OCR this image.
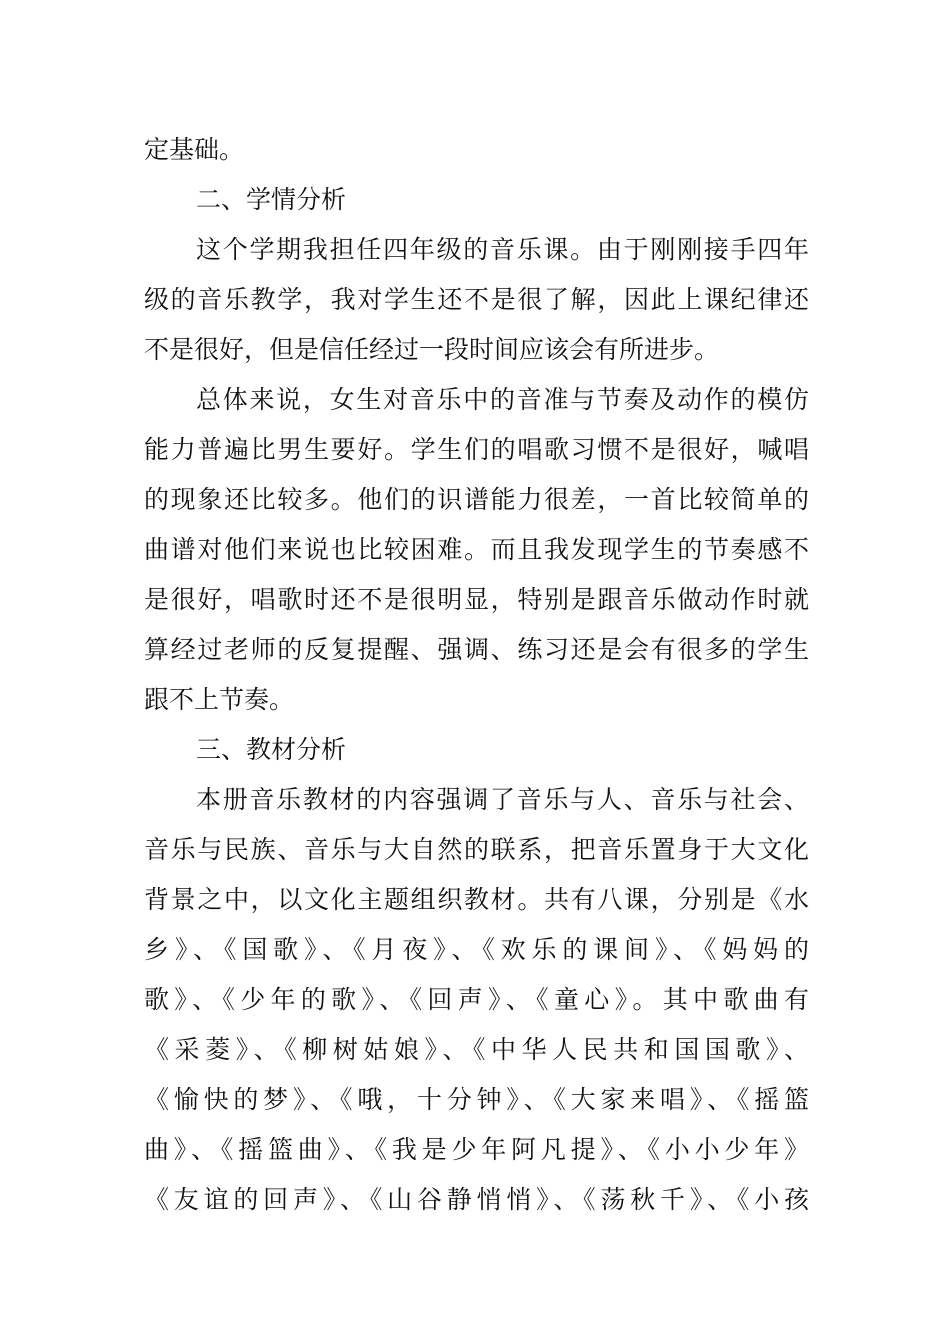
定基础。
二、学情分析
这个学期我担任四年级的音乐课。由于刚刚接手四年
级的音乐教学，我对学生还不是很了解，因此上课纪律还
不是很好，但是信任经过一段时间应该会有所进步。
总体来说，女生对音乐中的音准与节奏及动作的模仿
能力普遍比男生要好。学生们的唱歌习惯不是很好，喊唱
的现象还比较多。他们的识谱能力很差，一首比较简单的
曲谱对他们来说也比较困难。而且我发现学生的节奏感不
是很好，唱歌时还不是很明显，特别是跟音乐做动作时就
算经过老师的反复提醒、强调、练习还是会有很多的学生
跟不上节奏。
三、教材分析
本册音乐教材的内容强调了音乐与人、音乐与社会、
音乐与民族、音乐与大自然的联系，把音乐置身于大文化
背景之中，以文化主题组织教材。共有八课，分别是《水
乡》、《国歌》、《月夜》、《欢乐的课间》、《妈妈的
歌》、《少年的歌》、《回声》、《童心》。其中歌曲有
《采菱》、《柳树姑娘》、《中华人民共和国国歌》、
《愉快的梦》、《哦，十分钟》、《大家来唱》、《摇篮
曲》、《摇篮曲》、《我是少年阿凡提》、《小小少年》
《友谊的回声》、《山谷静悄悄》、《荡秋千》、《小孩
